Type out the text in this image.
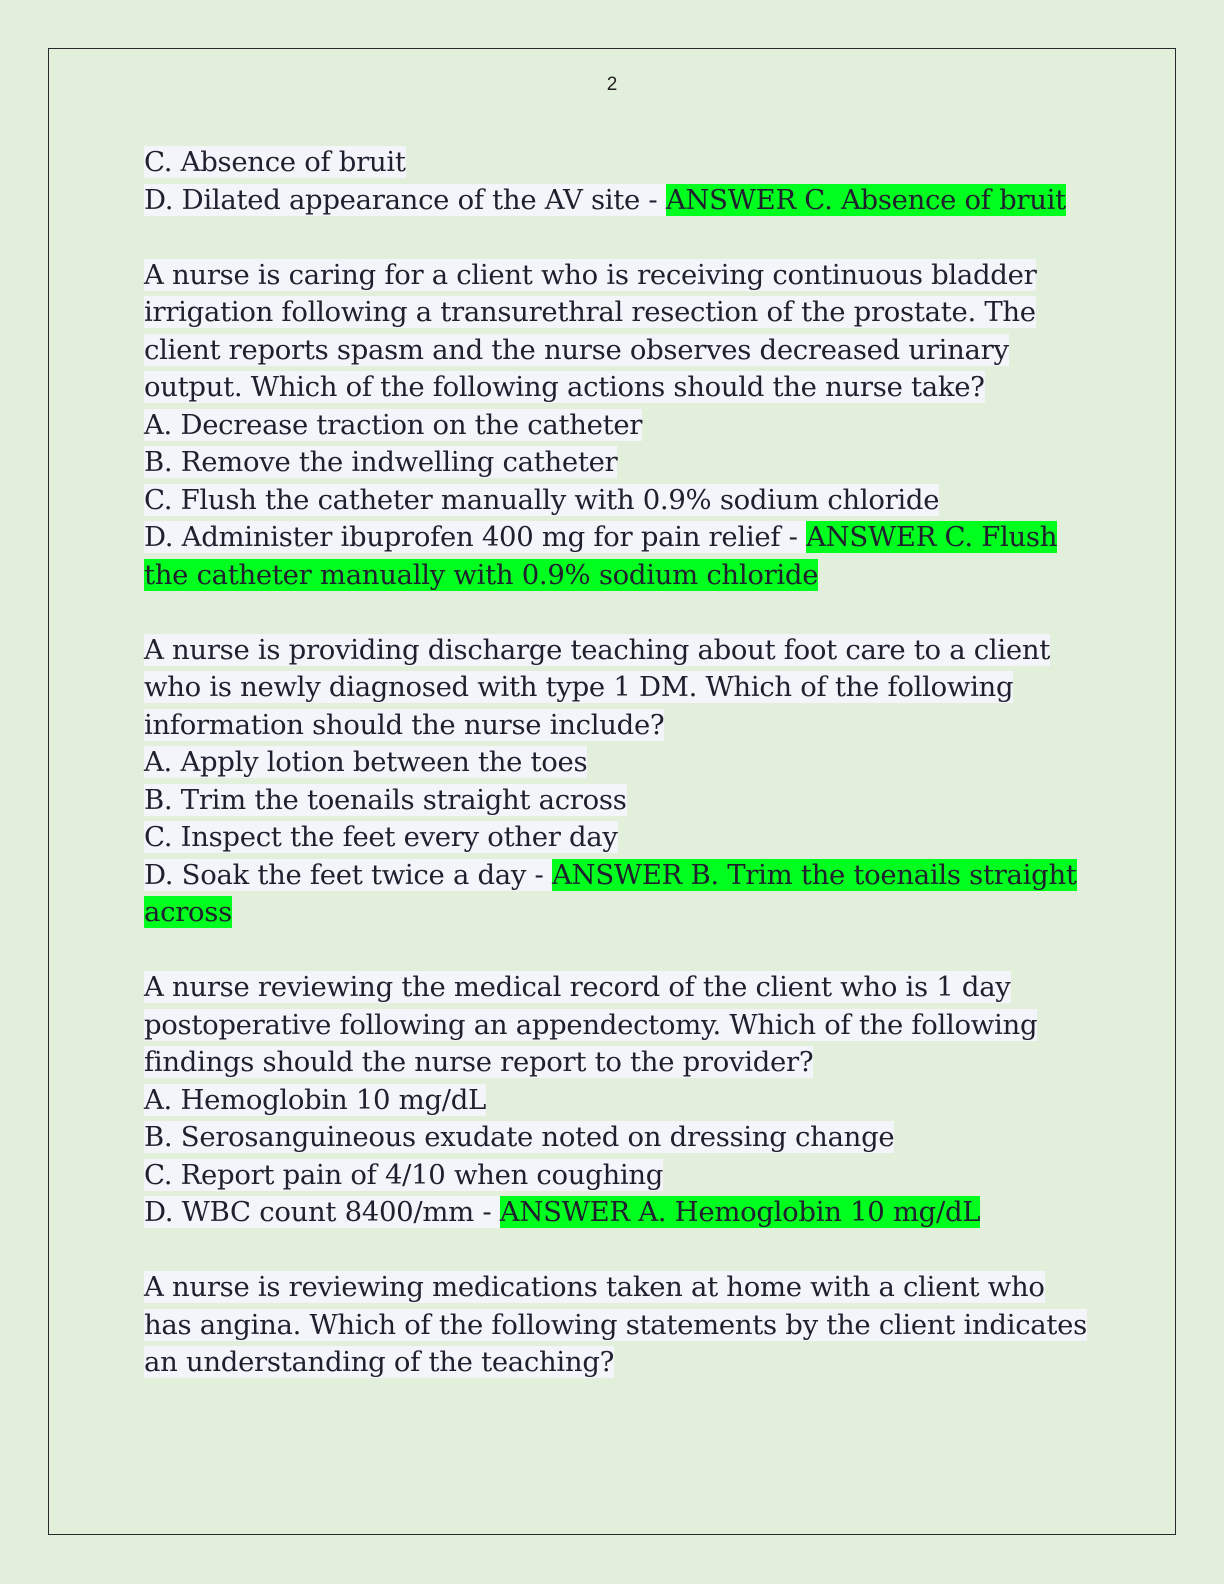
2
C. Absence of bruit
D. Dilated appearance of the AV site - ANSWER C. Absence of bruit
A nurse is caring for a client who is receiving continuous bladder
irrigation following a transurethral resection of the prostate. The
client reports spasm and the nurse observes decreased urinary
output. Which of the following actions should the nurse take?
A. Decrease traction on the catheter
B. Remove the indwelling catheter
C. Flush the catheter manually with 0.9% sodium chloride
D. Administer ibuprofen 400 mg for pain relief - ANSWER C. Flush
the catheter manually with 0.9% sodium chloride
A nurse is providing discharge teaching about foot care to a client
who is newly diagnosed with type 1 DM. Which of the following
information should the nurse include?
A. Apply lotion between the toes
B. Trim the toenails straight across
C. Inspect the feet every other day
D. Soak the feet twice a day - ANSWER B. Trim the toenails straight
across
A nurse reviewing the medical record of the client who is 1 day
postoperative following an appendectomy. Which of the following
findings should the nurse report to the provider?
A. Hemoglobin 10 mg/dL
B. Serosanguineous exudate noted on dressing change
C. Report pain of 4/10 when coughing
D. WBC count 8400/mm - ANSWER A. Hemoglobin 10 mg/dL
A nurse is reviewing medications taken at home with a client who
has angina. Which of the following statements by the client indicates
an understanding of the teaching?
